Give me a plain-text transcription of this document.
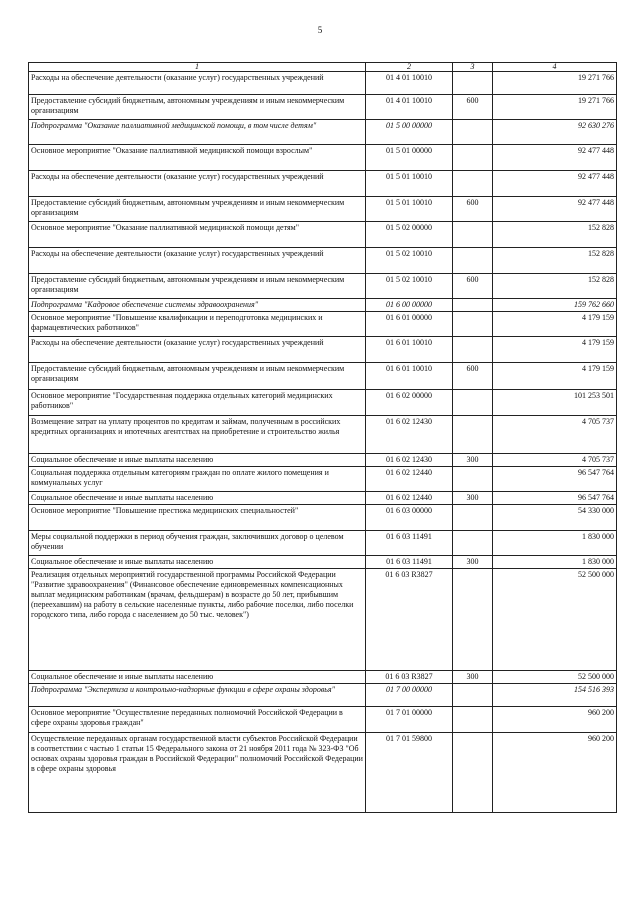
5
1	2	3	4
Расходы на обеспечение деятельности (оказание услуг) государственных учреждений	01 4 01 10010		19 271 766
Предоставление субсидий бюджетным, автономным учреждениям и иным некоммерческим организациям	01 4 01 10010	600	19 271 766
Подпрограмма "Оказание паллиативной медицинской помощи, в том числе детям"	01 5 00 00000		92 630 276
Основное мероприятие "Оказание паллиативной медицинской помощи взрослым"	01 5 01 00000		92 477 448
Расходы на обеспечение деятельности (оказание услуг) государственных учреждений	01 5 01 10010		92 477 448
Предоставление субсидий бюджетным, автономным учреждениям и иным некоммерческим организациям	01 5 01 10010	600	92 477 448
Основное мероприятие "Оказание паллиативной медицинской помощи детям"	01 5 02 00000		152 828
Расходы на обеспечение деятельности (оказание услуг) государственных учреждений	01 5 02 10010		152 828
Предоставление субсидий бюджетным, автономным учреждениям и иным некоммерческим организациям	01 5 02 10010	600	152 828
Подпрограмма "Кадровое обеспечение системы здравоохранения"	01 6 00 00000		159 762 660
Основное мероприятие "Повышение квалификации и переподготовка медицинских и фармацевтических работников"	01 6 01 00000		4 179 159
Расходы на обеспечение деятельности (оказание услуг) государственных учреждений	01 6 01 10010		4 179 159
Предоставление субсидий бюджетным, автономным учреждениям и иным некоммерческим организациям	01 6 01 10010	600	4 179 159
Основное мероприятие "Государственная поддержка отдельных категорий медицинских работников"	01 6 02 00000		101 253 501
Возмещение затрат на уплату процентов по кредитам и займам, полученным в российских кредитных организациях и ипотечных агентствах на приобретение и строительство жилья	01 6 02 12430		4 705 737
Социальное обеспечение и иные выплаты населению	01 6 02 12430	300	4 705 737
Социальная поддержка отдельным категориям граждан по оплате жилого помещения и коммунальных услуг	01 6 02 12440		96 547 764
Социальное обеспечение и иные выплаты населению	01 6 02 12440	300	96 547 764
Основное мероприятие "Повышение престижа медицинских специальностей"	01 6 03 00000		54 330 000
Меры социальной поддержки в период обучения граждан, заключивших договор о целевом обучении	01 6 03 11491		1 830 000
Социальное обеспечение и иные выплаты населению	01 6 03 11491	300	1 830 000
Реализация отдельных мероприятий государственной программы Российской Федерации "Развитие здравоохранения" (Финансовое обеспечение единовременных компенсационных выплат медицинским работникам (врачам, фельдшерам) в возрасте до 50 лет, прибывшим (переехавшим) на работу в сельские населенные пункты, либо рабочие поселки, либо поселки городского типа, либо города с населением до 50 тыс. человек")	01 6 03 R3827		52 500 000
Социальное обеспечение и иные выплаты населению	01 6 03 R3827	300	52 500 000
Подпрограмма "Экспертиза и контрольно-надзорные функции в сфере охраны здоровья"	01 7 00 00000		154 516 393
Основное мероприятие "Осуществление переданных полномочий Российской Федерации в сфере охраны здоровья граждан"	01 7 01 00000		960 200
Осуществление переданных органам государственной власти субъектов Российской Федерации в соответствии с частью 1 статьи 15 Федерального закона от 21 ноября 2011 года № 323-ФЗ "Об основах охраны здоровья граждан в Российской Федерации" полномочий Российской Федерации в сфере охраны здоровья	01 7 01 59800		960 200
